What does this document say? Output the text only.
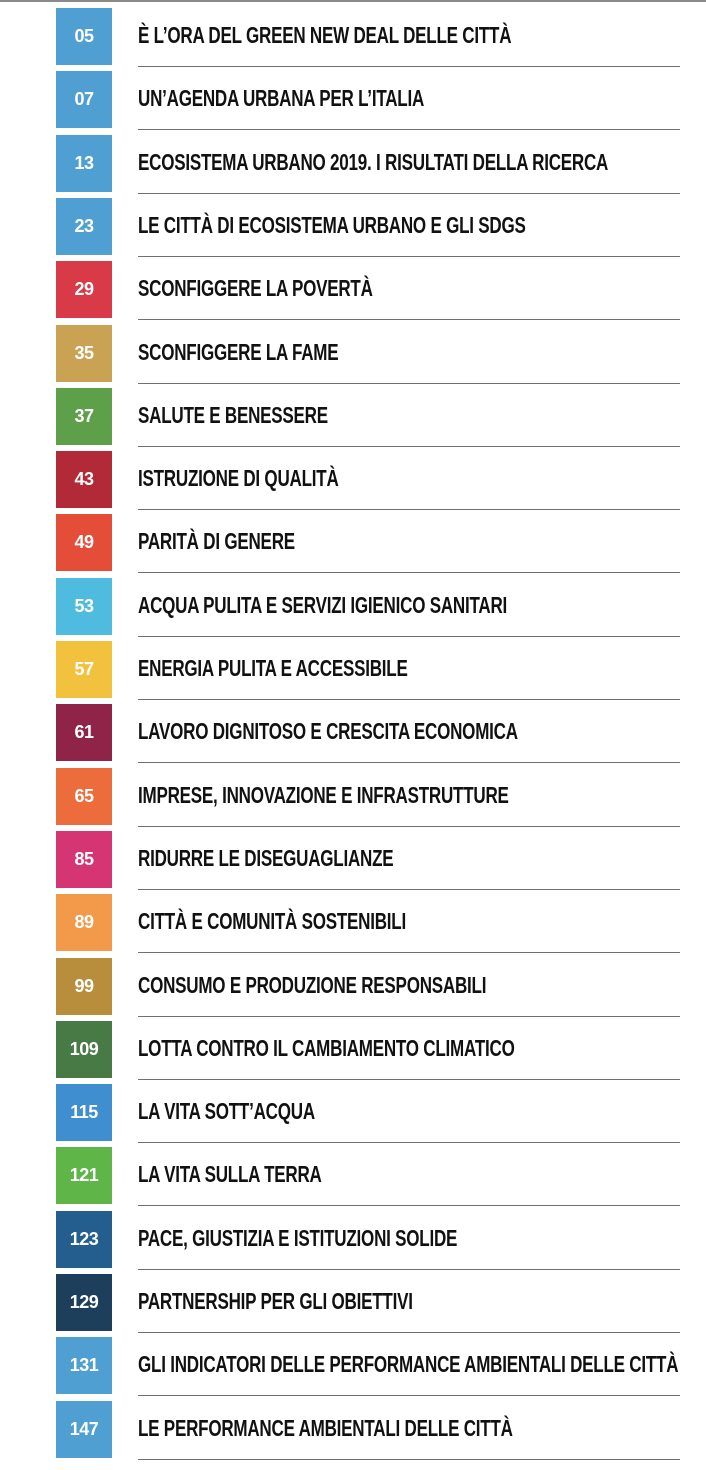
05	È L’ORA DEL GREEN NEW DEAL DELLE CITTÀ
07	UN’AGENDA URBANA PER L’ITALIA
13	ECOSISTEMA URBANO 2019. I RISULTATI DELLA RICERCA
23	LE CITTÀ DI ECOSISTEMA URBANO E GLI SDGS
29	SCONFIGGERE LA POVERTÀ
35	SCONFIGGERE LA FAME
37	SALUTE E BENESSERE
43	ISTRUZIONE DI QUALITÀ
49	PARITÀ DI GENERE
53	ACQUA PULITA E SERVIZI IGIENICO SANITARI
57	ENERGIA PULITA E ACCESSIBILE
61	LAVORO DIGNITOSO E CRESCITA ECONOMICA
65	IMPRESE, INNOVAZIONE E INFRASTRUTTURE
85	RIDURRE LE DISEGUAGLIANZE
89	CITTÀ E COMUNITÀ SOSTENIBILI
99	CONSUMO E PRODUZIONE RESPONSABILI
109	LOTTA CONTRO IL CAMBIAMENTO CLIMATICO
115	LA VITA SOTT’ACQUA
121	LA VITA SULLA TERRA
123	PACE, GIUSTIZIA E ISTITUZIONI SOLIDE
129	PARTNERSHIP PER GLI OBIETTIVI
131	GLI INDICATORI DELLE PERFORMANCE AMBIENTALI DELLE CITTÀ
147	LE PERFORMANCE AMBIENTALI DELLE CITTÀ
